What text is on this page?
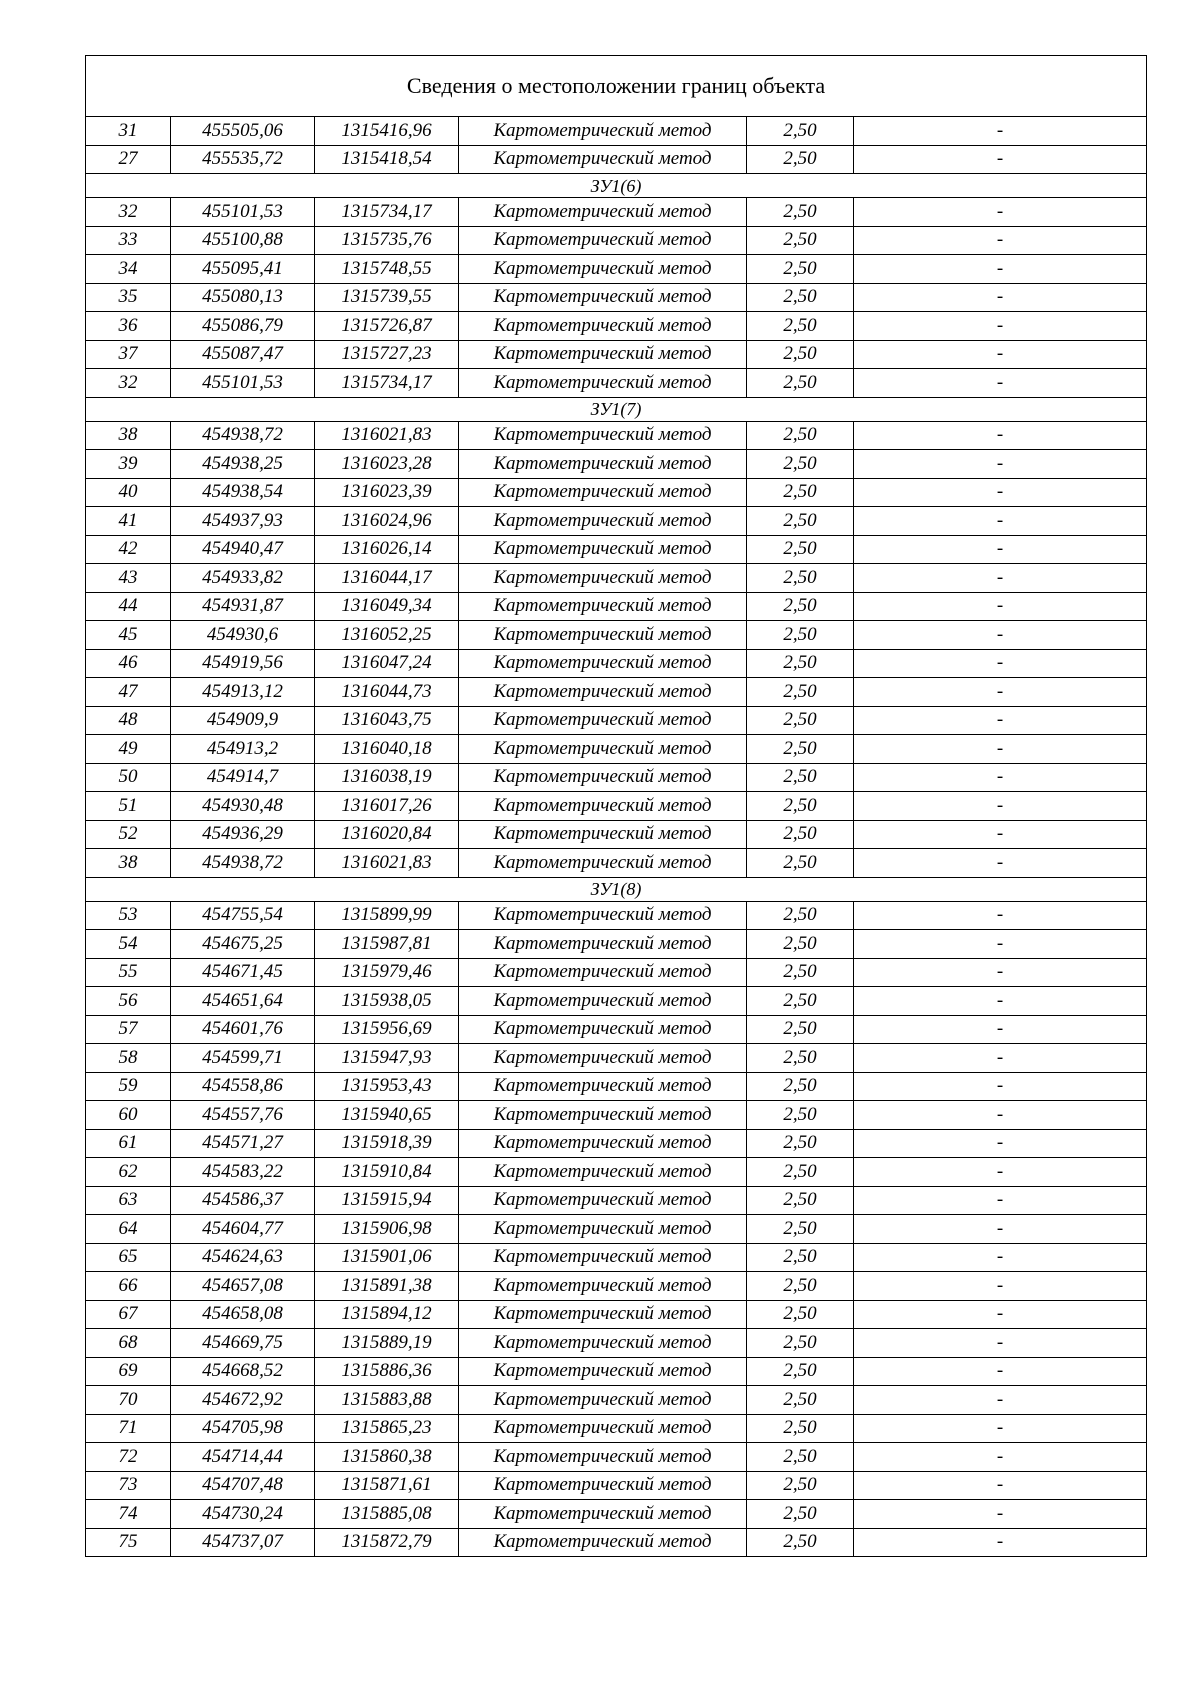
Сведения о местоположении границ объекта					
31	455505,06	1315416,96	Картометрический метод	2,50	-
27	455535,72	1315418,54	Картометрический метод	2,50	-
ЗУ1(6)					
32	455101,53	1315734,17	Картометрический метод	2,50	-
33	455100,88	1315735,76	Картометрический метод	2,50	-
34	455095,41	1315748,55	Картометрический метод	2,50	-
35	455080,13	1315739,55	Картометрический метод	2,50	-
36	455086,79	1315726,87	Картометрический метод	2,50	-
37	455087,47	1315727,23	Картометрический метод	2,50	-
32	455101,53	1315734,17	Картометрический метод	2,50	-
ЗУ1(7)					
38	454938,72	1316021,83	Картометрический метод	2,50	-
39	454938,25	1316023,28	Картометрический метод	2,50	-
40	454938,54	1316023,39	Картометрический метод	2,50	-
41	454937,93	1316024,96	Картометрический метод	2,50	-
42	454940,47	1316026,14	Картометрический метод	2,50	-
43	454933,82	1316044,17	Картометрический метод	2,50	-
44	454931,87	1316049,34	Картометрический метод	2,50	-
45	454930,6	1316052,25	Картометрический метод	2,50	-
46	454919,56	1316047,24	Картометрический метод	2,50	-
47	454913,12	1316044,73	Картометрический метод	2,50	-
48	454909,9	1316043,75	Картометрический метод	2,50	-
49	454913,2	1316040,18	Картометрический метод	2,50	-
50	454914,7	1316038,19	Картометрический метод	2,50	-
51	454930,48	1316017,26	Картометрический метод	2,50	-
52	454936,29	1316020,84	Картометрический метод	2,50	-
38	454938,72	1316021,83	Картометрический метод	2,50	-
ЗУ1(8)					
53	454755,54	1315899,99	Картометрический метод	2,50	-
54	454675,25	1315987,81	Картометрический метод	2,50	-
55	454671,45	1315979,46	Картометрический метод	2,50	-
56	454651,64	1315938,05	Картометрический метод	2,50	-
57	454601,76	1315956,69	Картометрический метод	2,50	-
58	454599,71	1315947,93	Картометрический метод	2,50	-
59	454558,86	1315953,43	Картометрический метод	2,50	-
60	454557,76	1315940,65	Картометрический метод	2,50	-
61	454571,27	1315918,39	Картометрический метод	2,50	-
62	454583,22	1315910,84	Картометрический метод	2,50	-
63	454586,37	1315915,94	Картометрический метод	2,50	-
64	454604,77	1315906,98	Картометрический метод	2,50	-
65	454624,63	1315901,06	Картометрический метод	2,50	-
66	454657,08	1315891,38	Картометрический метод	2,50	-
67	454658,08	1315894,12	Картометрический метод	2,50	-
68	454669,75	1315889,19	Картометрический метод	2,50	-
69	454668,52	1315886,36	Картометрический метод	2,50	-
70	454672,92	1315883,88	Картометрический метод	2,50	-
71	454705,98	1315865,23	Картометрический метод	2,50	-
72	454714,44	1315860,38	Картометрический метод	2,50	-
73	454707,48	1315871,61	Картометрический метод	2,50	-
74	454730,24	1315885,08	Картометрический метод	2,50	-
75	454737,07	1315872,79	Картометрический метод	2,50	-
